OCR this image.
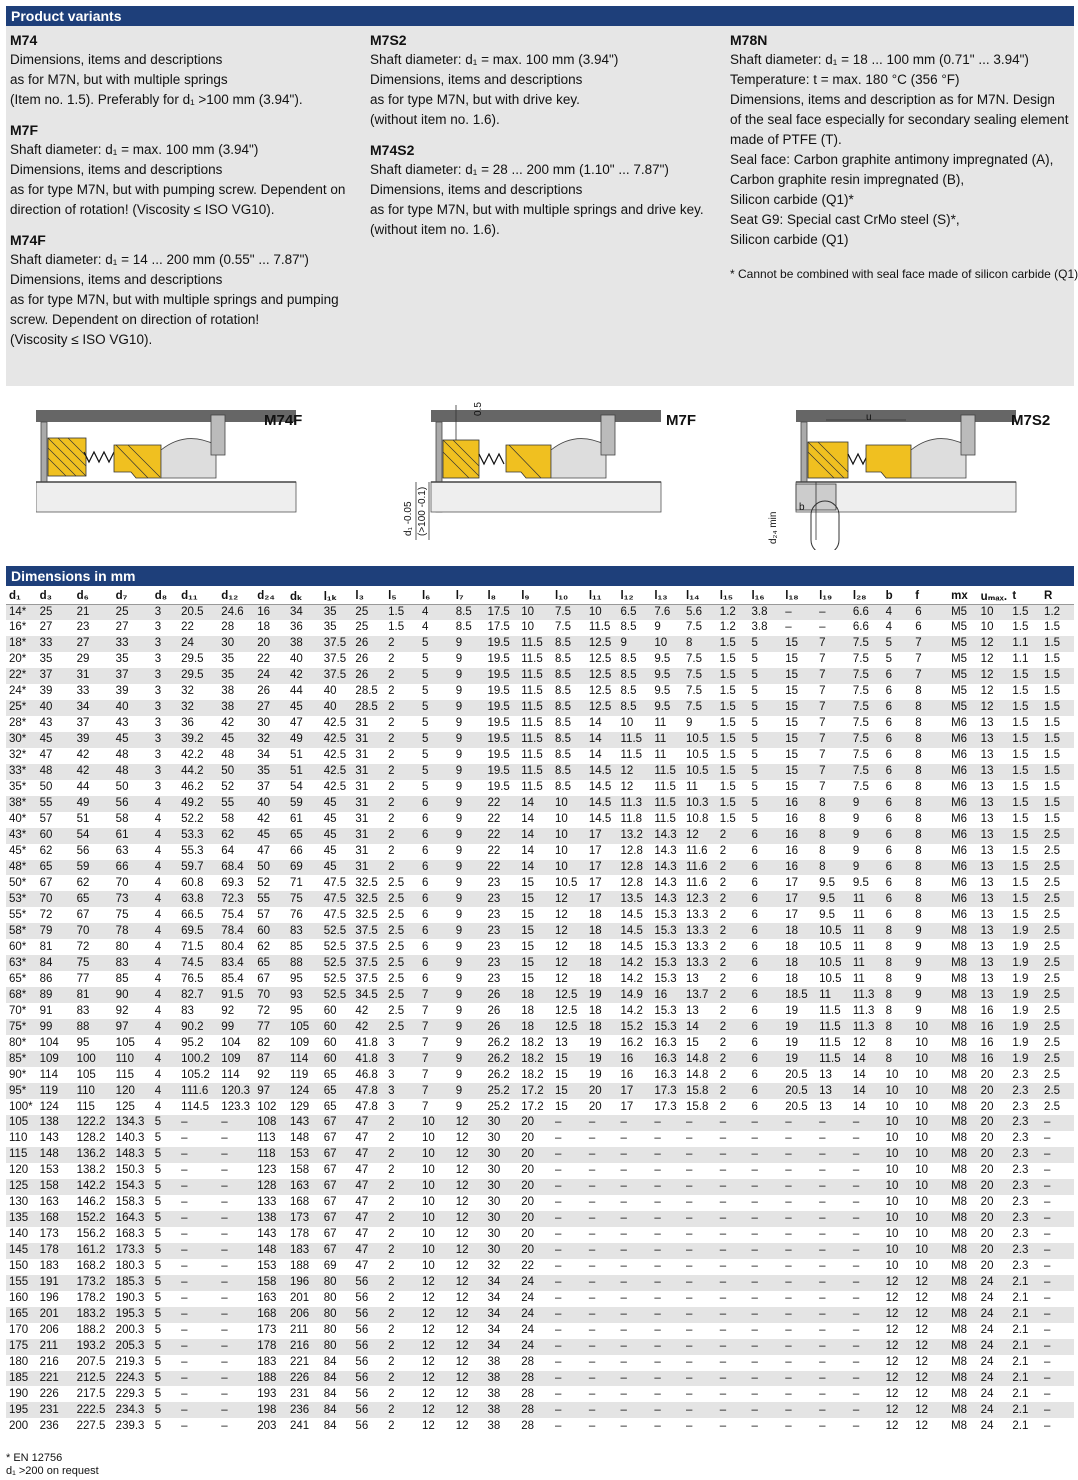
Product variants
M74
Dimensions, items and descriptions
as for M7N, but with multiple springs
(Item no. 1.5). Preferably for d₁ >100 mm (3.94").
M7F
Shaft diameter: d₁ = max. 100 mm (3.94")
Dimensions, items and descriptions
as for type M7N, but with pumping screw. Dependent on
direction of rotation! (Viscosity ≤ ISO VG10).
M74F
Shaft diameter: d₁ = 14 ... 200 mm (0.55" ... 7.87")
Dimensions, items and descriptions
as for type M7N, but with multiple springs and pumping
screw. Dependent on direction of rotation!
(Viscosity ≤ ISO VG10).
M7S2
Shaft diameter: d₁ = max. 100 mm (3.94")
Dimensions, items and descriptions
as for type M7N, but with drive key.
(without item no. 1.6).
M74S2
Shaft diameter: d₁ = 28 ... 200 mm (1.10" ... 7.87")
Dimensions, items and descriptions
as for type M7N, but with multiple springs and drive key.
(without item no. 1.6).
M78N
Shaft diameter: d₁ = 18 ... 100 mm (0.71" ... 3.94")
Temperature: t = max. 180 °C (356 °F)
Dimensions, items and description as for M7N. Design
of the seal face especially for secondary sealing element
made of PTFE (T).
Seal face: Carbon graphite antimony impregnated (A),
Carbon graphite resin impregnated (B),
Silicon carbide (Q1)*
Seat G9: Special cast CrMo steel (S)*,
Silicon carbide (Q1)
* Cannot be combined with seal face made of silicon carbide (Q1)
M74F
0.5
d₁ -0.05 (>100 -0.1)
M7F	u
b
d₂₄ min
M7S2
Dimensions in mm
d₁	d₃	d₆	d₇	d₈	d₁₁	d₁₂	d₂₄	dₖ	l₁ₖ	l₃	l₅	l₆	l₇	l₈	l₉	l₁₀	l₁₁	l₁₂	l₁₃	l₁₄	l₁₅	l₁₆	l₁₈	l₁₉	l₂₈	b	f	mx	uₘₐₓ.	t	R
14*	25	21	25	3	20.5	24.6	16	34	35	25	1.5	4	8.5	17.5	10	7.5	10	6.5	7.6	5.6	1.2	3.8	–	–	6.6	4	6	M5	10	1.5	1.2
16*	27	23	27	3	22	28	18	36	35	25	1.5	4	8.5	17.5	10	7.5	11.5	8.5	9	7.5	1.2	3.8	–	–	6.6	4	6	M5	10	1.5	1.5
18*	33	27	33	3	24	30	20	38	37.5	26	2	5	9	19.5	11.5	8.5	12.5	9	10	8	1.5	5	15	7	7.5	5	7	M5	12	1.1	1.5
20*	35	29	35	3	29.5	35	22	40	37.5	26	2	5	9	19.5	11.5	8.5	12.5	8.5	9.5	7.5	1.5	5	15	7	7.5	5	7	M5	12	1.1	1.5
22*	37	31	37	3	29.5	35	24	42	37.5	26	2	5	9	19.5	11.5	8.5	12.5	8.5	9.5	7.5	1.5	5	15	7	7.5	6	7	M5	12	1.5	1.5
24*	39	33	39	3	32	38	26	44	40	28.5	2	5	9	19.5	11.5	8.5	12.5	8.5	9.5	7.5	1.5	5	15	7	7.5	6	8	M5	12	1.5	1.5
25*	40	34	40	3	32	38	27	45	40	28.5	2	5	9	19.5	11.5	8.5	12.5	8.5	9.5	7.5	1.5	5	15	7	7.5	6	8	M5	12	1.5	1.5
28*	43	37	43	3	36	42	30	47	42.5	31	2	5	9	19.5	11.5	8.5	14	10	11	9	1.5	5	15	7	7.5	6	8	M6	13	1.5	1.5
30*	45	39	45	3	39.2	45	32	49	42.5	31	2	5	9	19.5	11.5	8.5	14	11.5	11	10.5	1.5	5	15	7	7.5	6	8	M6	13	1.5	1.5
32*	47	42	48	3	42.2	48	34	51	42.5	31	2	5	9	19.5	11.5	8.5	14	11.5	11	10.5	1.5	5	15	7	7.5	6	8	M6	13	1.5	1.5
33*	48	42	48	3	44.2	50	35	51	42.5	31	2	5	9	19.5	11.5	8.5	14.5	12	11.5	10.5	1.5	5	15	7	7.5	6	8	M6	13	1.5	1.5
35*	50	44	50	3	46.2	52	37	54	42.5	31	2	5	9	19.5	11.5	8.5	14.5	12	11.5	11	1.5	5	15	7	7.5	6	8	M6	13	1.5	1.5
38*	55	49	56	4	49.2	55	40	59	45	31	2	6	9	22	14	10	14.5	11.3	11.5	10.3	1.5	5	16	8	9	6	8	M6	13	1.5	1.5
40*	57	51	58	4	52.2	58	42	61	45	31	2	6	9	22	14	10	14.5	11.8	11.5	10.8	1.5	5	16	8	9	6	8	M6	13	1.5	1.5
43*	60	54	61	4	53.3	62	45	65	45	31	2	6	9	22	14	10	17	13.2	14.3	12	2	6	16	8	9	6	8	M6	13	1.5	2.5
45*	62	56	63	4	55.3	64	47	66	45	31	2	6	9	22	14	10	17	12.8	14.3	11.6	2	6	16	8	9	6	8	M6	13	1.5	2.5
48*	65	59	66	4	59.7	68.4	50	69	45	31	2	6	9	22	14	10	17	12.8	14.3	11.6	2	6	16	8	9	6	8	M6	13	1.5	2.5
50*	67	62	70	4	60.8	69.3	52	71	47.5	32.5	2.5	6	9	23	15	10.5	17	12.8	14.3	11.6	2	6	17	9.5	9.5	6	8	M6	13	1.5	2.5
53*	70	65	73	4	63.8	72.3	55	75	47.5	32.5	2.5	6	9	23	15	12	17	13.5	14.3	12.3	2	6	17	9.5	11	6	8	M6	13	1.5	2.5
55*	72	67	75	4	66.5	75.4	57	76	47.5	32.5	2.5	6	9	23	15	12	18	14.5	15.3	13.3	2	6	17	9.5	11	6	8	M6	13	1.5	2.5
58*	79	70	78	4	69.5	78.4	60	83	52.5	37.5	2.5	6	9	23	15	12	18	14.5	15.3	13.3	2	6	18	10.5	11	8	9	M8	13	1.9	2.5
60*	81	72	80	4	71.5	80.4	62	85	52.5	37.5	2.5	6	9	23	15	12	18	14.5	15.3	13.3	2	6	18	10.5	11	8	9	M8	13	1.9	2.5
63*	84	75	83	4	74.5	83.4	65	88	52.5	37.5	2.5	6	9	23	15	12	18	14.2	15.3	13.3	2	6	18	10.5	11	8	9	M8	13	1.9	2.5
65*	86	77	85	4	76.5	85.4	67	95	52.5	37.5	2.5	6	9	23	15	12	18	14.2	15.3	13	2	6	18	10.5	11	8	9	M8	13	1.9	2.5
68*	89	81	90	4	82.7	91.5	70	93	52.5	34.5	2.5	7	9	26	18	12.5	19	14.9	16	13.7	2	6	18.5	11	11.3	8	9	M8	13	1.9	2.5
70*	91	83	92	4	83	92	72	95	60	42	2.5	7	9	26	18	12.5	18	14.2	15.3	13	2	6	19	11.5	11.3	8	9	M8	16	1.9	2.5
75*	99	88	97	4	90.2	99	77	105	60	42	2.5	7	9	26	18	12.5	18	15.2	15.3	14	2	6	19	11.5	11.3	8	10	M8	16	1.9	2.5
80*	104	95	105	4	95.2	104	82	109	60	41.8	3	7	9	26.2	18.2	13	19	16.2	16.3	15	2	6	19	11.5	12	8	10	M8	16	1.9	2.5
85*	109	100	110	4	100.2	109	87	114	60	41.8	3	7	9	26.2	18.2	15	19	16	16.3	14.8	2	6	19	11.5	14	8	10	M8	16	1.9	2.5
90*	114	105	115	4	105.2	114	92	119	65	46.8	3	7	9	26.2	18.2	15	19	16	16.3	14.8	2	6	20.5	13	14	10	10	M8	20	2.3	2.5
95*	119	110	120	4	111.6	120.3	97	124	65	47.8	3	7	9	25.2	17.2	15	20	17	17.3	15.8	2	6	20.5	13	14	10	10	M8	20	2.3	2.5
100*	124	115	125	4	114.5	123.3	102	129	65	47.8	3	7	9	25.2	17.2	15	20	17	17.3	15.8	2	6	20.5	13	14	10	10	M8	20	2.3	2.5
105	138	122.2	134.3	5	–	–	108	143	67	47	2	10	12	30	20	–	–	–	–	–	–	–	–	–	–	10	10	M8	20	2.3	–
110	143	128.2	140.3	5	–	–	113	148	67	47	2	10	12	30	20	–	–	–	–	–	–	–	–	–	–	10	10	M8	20	2.3	–
115	148	136.2	148.3	5	–	–	118	153	67	47	2	10	12	30	20	–	–	–	–	–	–	–	–	–	–	10	10	M8	20	2.3	–
120	153	138.2	150.3	5	–	–	123	158	67	47	2	10	12	30	20	–	–	–	–	–	–	–	–	–	–	10	10	M8	20	2.3	–
125	158	142.2	154.3	5	–	–	128	163	67	47	2	10	12	30	20	–	–	–	–	–	–	–	–	–	–	10	10	M8	20	2.3	–
130	163	146.2	158.3	5	–	–	133	168	67	47	2	10	12	30	20	–	–	–	–	–	–	–	–	–	–	10	10	M8	20	2.3	–
135	168	152.2	164.3	5	–	–	138	173	67	47	2	10	12	30	20	–	–	–	–	–	–	–	–	–	–	10	10	M8	20	2.3	–
140	173	156.2	168.3	5	–	–	143	178	67	47	2	10	12	30	20	–	–	–	–	–	–	–	–	–	–	10	10	M8	20	2.3	–
145	178	161.2	173.3	5	–	–	148	183	67	47	2	10	12	30	20	–	–	–	–	–	–	–	–	–	–	10	10	M8	20	2.3	–
150	183	168.2	180.3	5	–	–	153	188	69	47	2	10	12	32	22	–	–	–	–	–	–	–	–	–	–	10	10	M8	20	2.3	–
155	191	173.2	185.3	5	–	–	158	196	80	56	2	12	12	34	24	–	–	–	–	–	–	–	–	–	–	12	12	M8	24	2.1	–
160	196	178.2	190.3	5	–	–	163	201	80	56	2	12	12	34	24	–	–	–	–	–	–	–	–	–	–	12	12	M8	24	2.1	–
165	201	183.2	195.3	5	–	–	168	206	80	56	2	12	12	34	24	–	–	–	–	–	–	–	–	–	–	12	12	M8	24	2.1	–
170	206	188.2	200.3	5	–	–	173	211	80	56	2	12	12	34	24	–	–	–	–	–	–	–	–	–	–	12	12	M8	24	2.1	–
175	211	193.2	205.3	5	–	–	178	216	80	56	2	12	12	34	24	–	–	–	–	–	–	–	–	–	–	12	12	M8	24	2.1	–
180	216	207.5	219.3	5	–	–	183	221	84	56	2	12	12	38	28	–	–	–	–	–	–	–	–	–	–	12	12	M8	24	2.1	–
185	221	212.5	224.3	5	–	–	188	226	84	56	2	12	12	38	28	–	–	–	–	–	–	–	–	–	–	12	12	M8	24	2.1	–
190	226	217.5	229.3	5	–	–	193	231	84	56	2	12	12	38	28	–	–	–	–	–	–	–	–	–	–	12	12	M8	24	2.1	–
195	231	222.5	234.3	5	–	–	198	236	84	56	2	12	12	38	28	–	–	–	–	–	–	–	–	–	–	12	12	M8	24	2.1	–
200	236	227.5	239.3	5	–	–	203	241	84	56	2	12	12	38	28	–	–	–	–	–	–	–	–	–	–	12	12	M8	24	2.1	–
* EN 12756
d₁ >200 on request
